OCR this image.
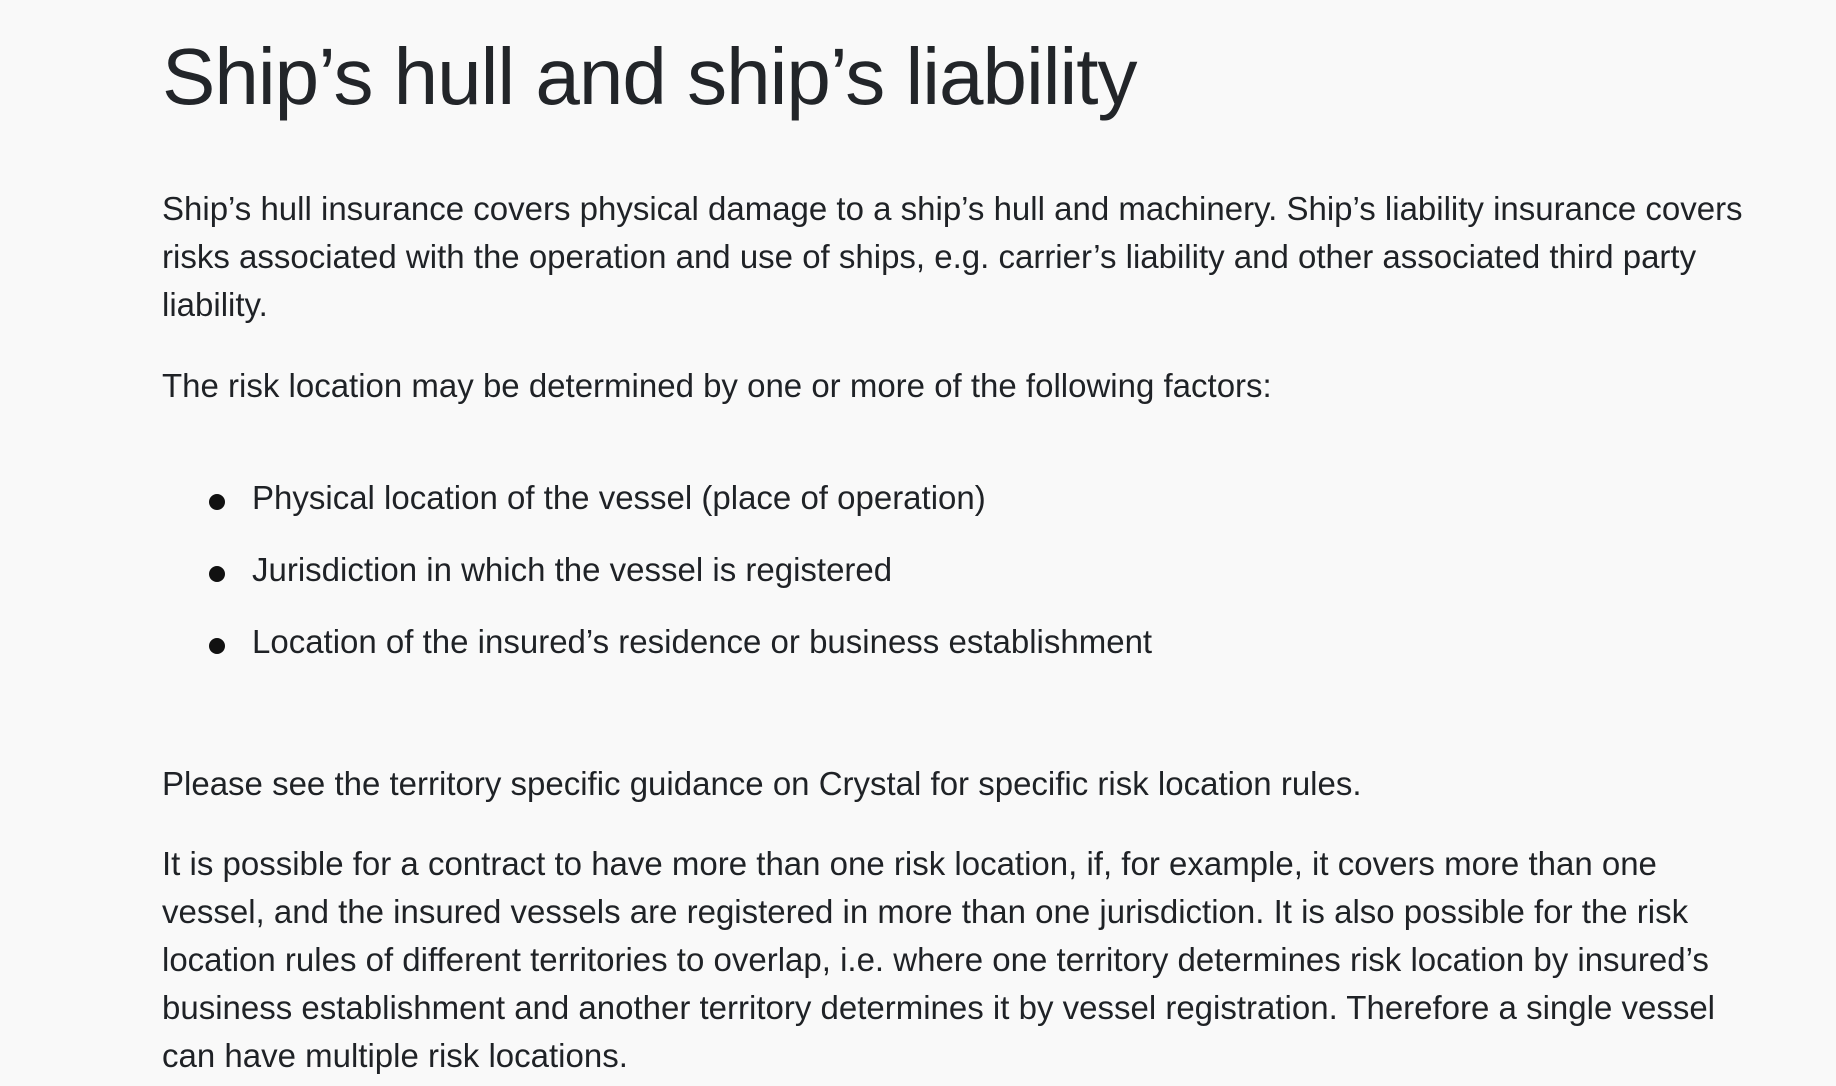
Ship’s hull and ship’s liability

Ship’s hull insurance covers physical damage to a ship’s hull and machinery. Ship’s liability insurance covers risks associated with the operation and use of ships, e.g. carrier’s liability and other associated third party liability.

The risk location may be determined by one or more of the following factors:

Physical location of the vessel (place of operation)
Jurisdiction in which the vessel is registered
Location of the insured’s residence or business establishment

Please see the territory specific guidance on Crystal for specific risk location rules.

It is possible for a contract to have more than one risk location, if, for example, it covers more than one vessel, and the insured vessels are registered in more than one jurisdiction. It is also possible for the risk location rules of different territories to overlap, i.e. where one territory determines risk location by insured’s business establishment and another territory determines it by vessel registration. Therefore a single vessel can have multiple risk locations.
